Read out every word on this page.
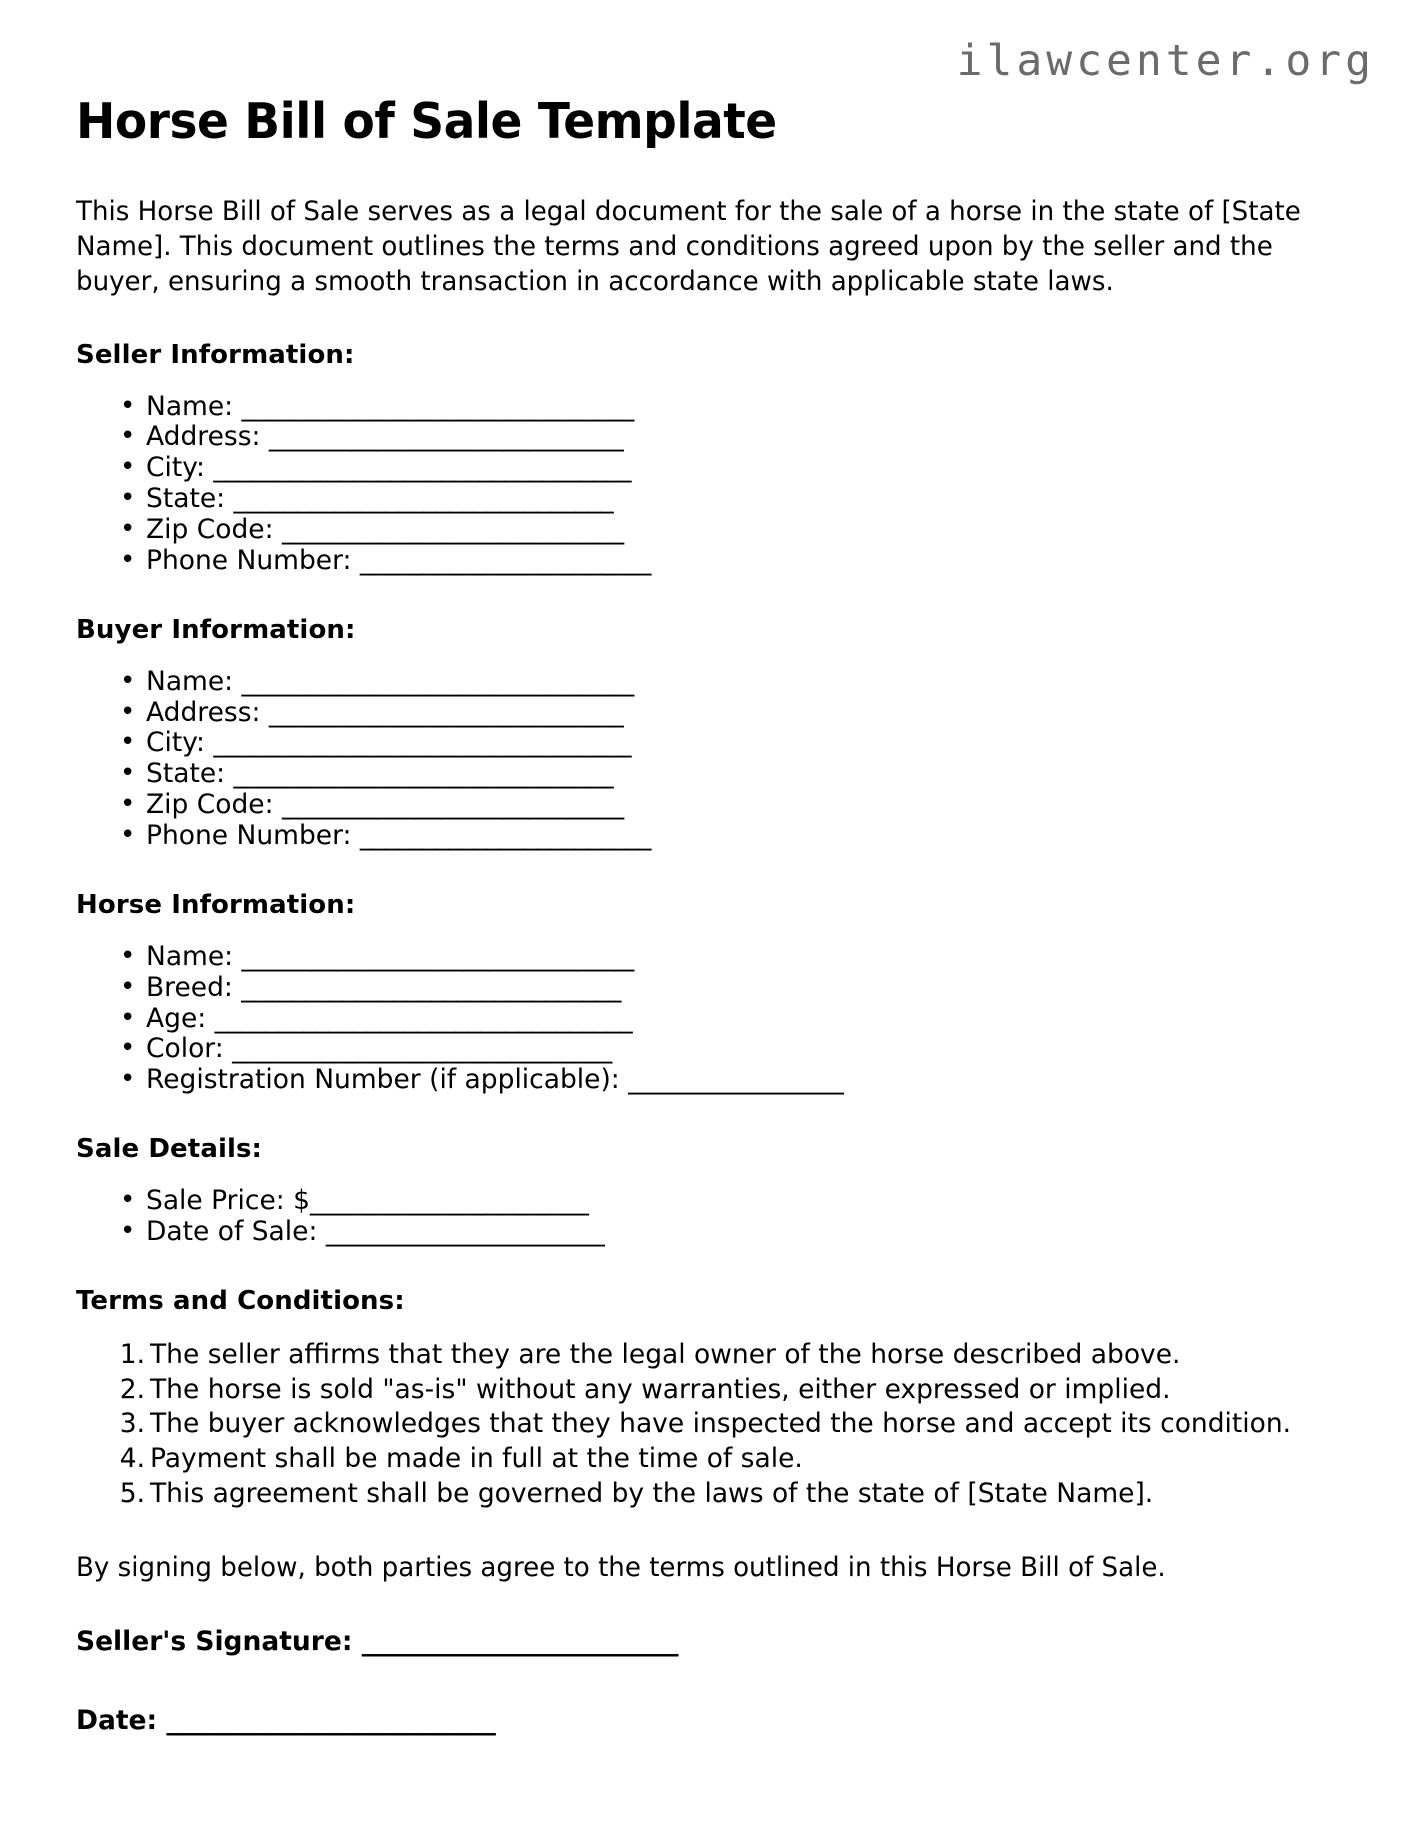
ilawcenter.org
Horse Bill of Sale Template

This Horse Bill of Sale serves as a legal document for the sale of a horse in the state of [State Name]. This document outlines the terms and conditions agreed upon by the seller and the buyer, ensuring a smooth transaction in accordance with applicable state laws.

Seller Information:
• Name: _______________________________
• Address: ____________________________
• City: _________________________________
• State: ______________________________
• Zip Code: ___________________________
• Phone Number: _______________________
Buyer Information:
• Name: _______________________________
• Address: ____________________________
• City: _________________________________
• State: ______________________________
• Zip Code: ___________________________
• Phone Number: _______________________
Horse Information:
• Name: _______________________________
• Breed: ______________________________
• Age: _________________________________
• Color: ______________________________
• Registration Number (if applicable): _________________
Sale Details:
• Sale Price: $______________________
• Date of Sale: ______________________
Terms and Conditions:
The seller affirms that they are the legal owner of the horse described above.
The horse is sold "as-is" without any warranties, either expressed or implied.
The buyer acknowledges that they have inspected the horse and accept its condition.
Payment shall be made in full at the time of sale.
This agreement shall be governed by the laws of the state of [State Name].

By signing below, both parties agree to the terms outlined in this Horse Bill of Sale.

Seller's Signature: _________________________
Date: __________________________
